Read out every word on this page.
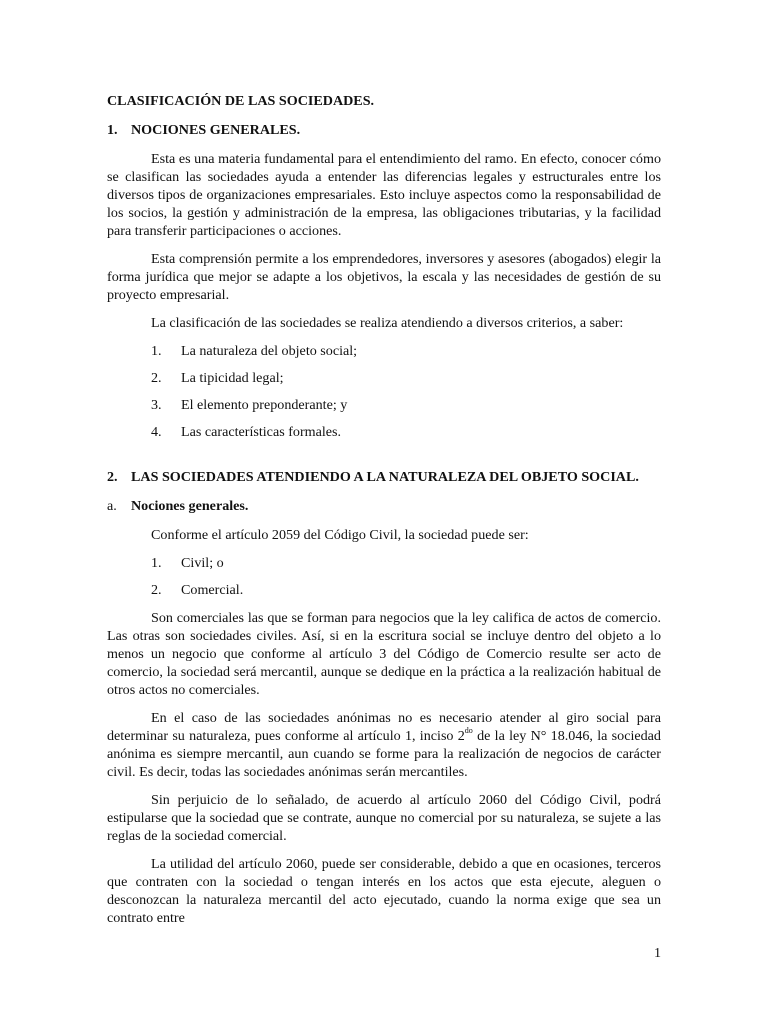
CLASIFICACIÓN DE LAS SOCIEDADES.
1. NOCIONES GENERALES.

Esta es una materia fundamental para el entendimiento del ramo. En efecto, conocer cómo se clasifican las sociedades ayuda a entender las diferencias legales y estructurales entre los diversos tipos de organizaciones empresariales. Esto incluye aspectos como la responsabilidad de los socios, la gestión y administración de la empresa, las obligaciones tributarias, y la facilidad para transferir participaciones o acciones.

Esta comprensión permite a los emprendedores, inversores y asesores (abogados) elegir la forma jurídica que mejor se adapte a los objetivos, la escala y las necesidades de gestión de su proyecto empresarial.

La clasificación de las sociedades se realiza atendiendo a diversos criterios, a saber:

1.	La naturaleza del objeto social;
2.	La tipicidad legal;
3.	El elemento preponderante; y
4.	Las características formales.
2. LAS SOCIEDADES ATENDIENDO A LA NATURALEZA DEL OBJETO SOCIAL.
a.	Nociones generales.

Conforme el artículo 2059 del Código Civil, la sociedad puede ser:

1.	Civil; o
2.	Comercial.

Son comerciales las que se forman para negocios que la ley califica de actos de comercio. Las otras son sociedades civiles. Así, si en la escritura social se incluye dentro del objeto a lo menos un negocio que conforme al artículo 3 del Código de Comercio resulte ser acto de comercio, la sociedad será mercantil, aunque se dedique en la práctica a la realización habitual de otros actos no comerciales.

En el caso de las sociedades anónimas no es necesario atender al giro social para determinar su naturaleza, pues conforme al artículo 1, inciso $2^{do}$ de la ley N° 18.046, la sociedad anónima es siempre mercantil, aun cuando se forme para la realización de negocios de carácter civil. Es decir, todas las sociedades anónimas serán mercantiles.

Sin perjuicio de lo señalado, de acuerdo al artículo 2060 del Código Civil, podrá estipularse que la sociedad que se contrate, aunque no comercial por su naturaleza, se sujete a las reglas de la sociedad comercial.

La utilidad del artículo 2060, puede ser considerable, debido a que en ocasiones, terceros que contraten con la sociedad o tengan interés en los actos que esta ejecute, aleguen o desconozcan la naturaleza mercantil del acto ejecutado, cuando la norma exige que sea un contrato entre

1
